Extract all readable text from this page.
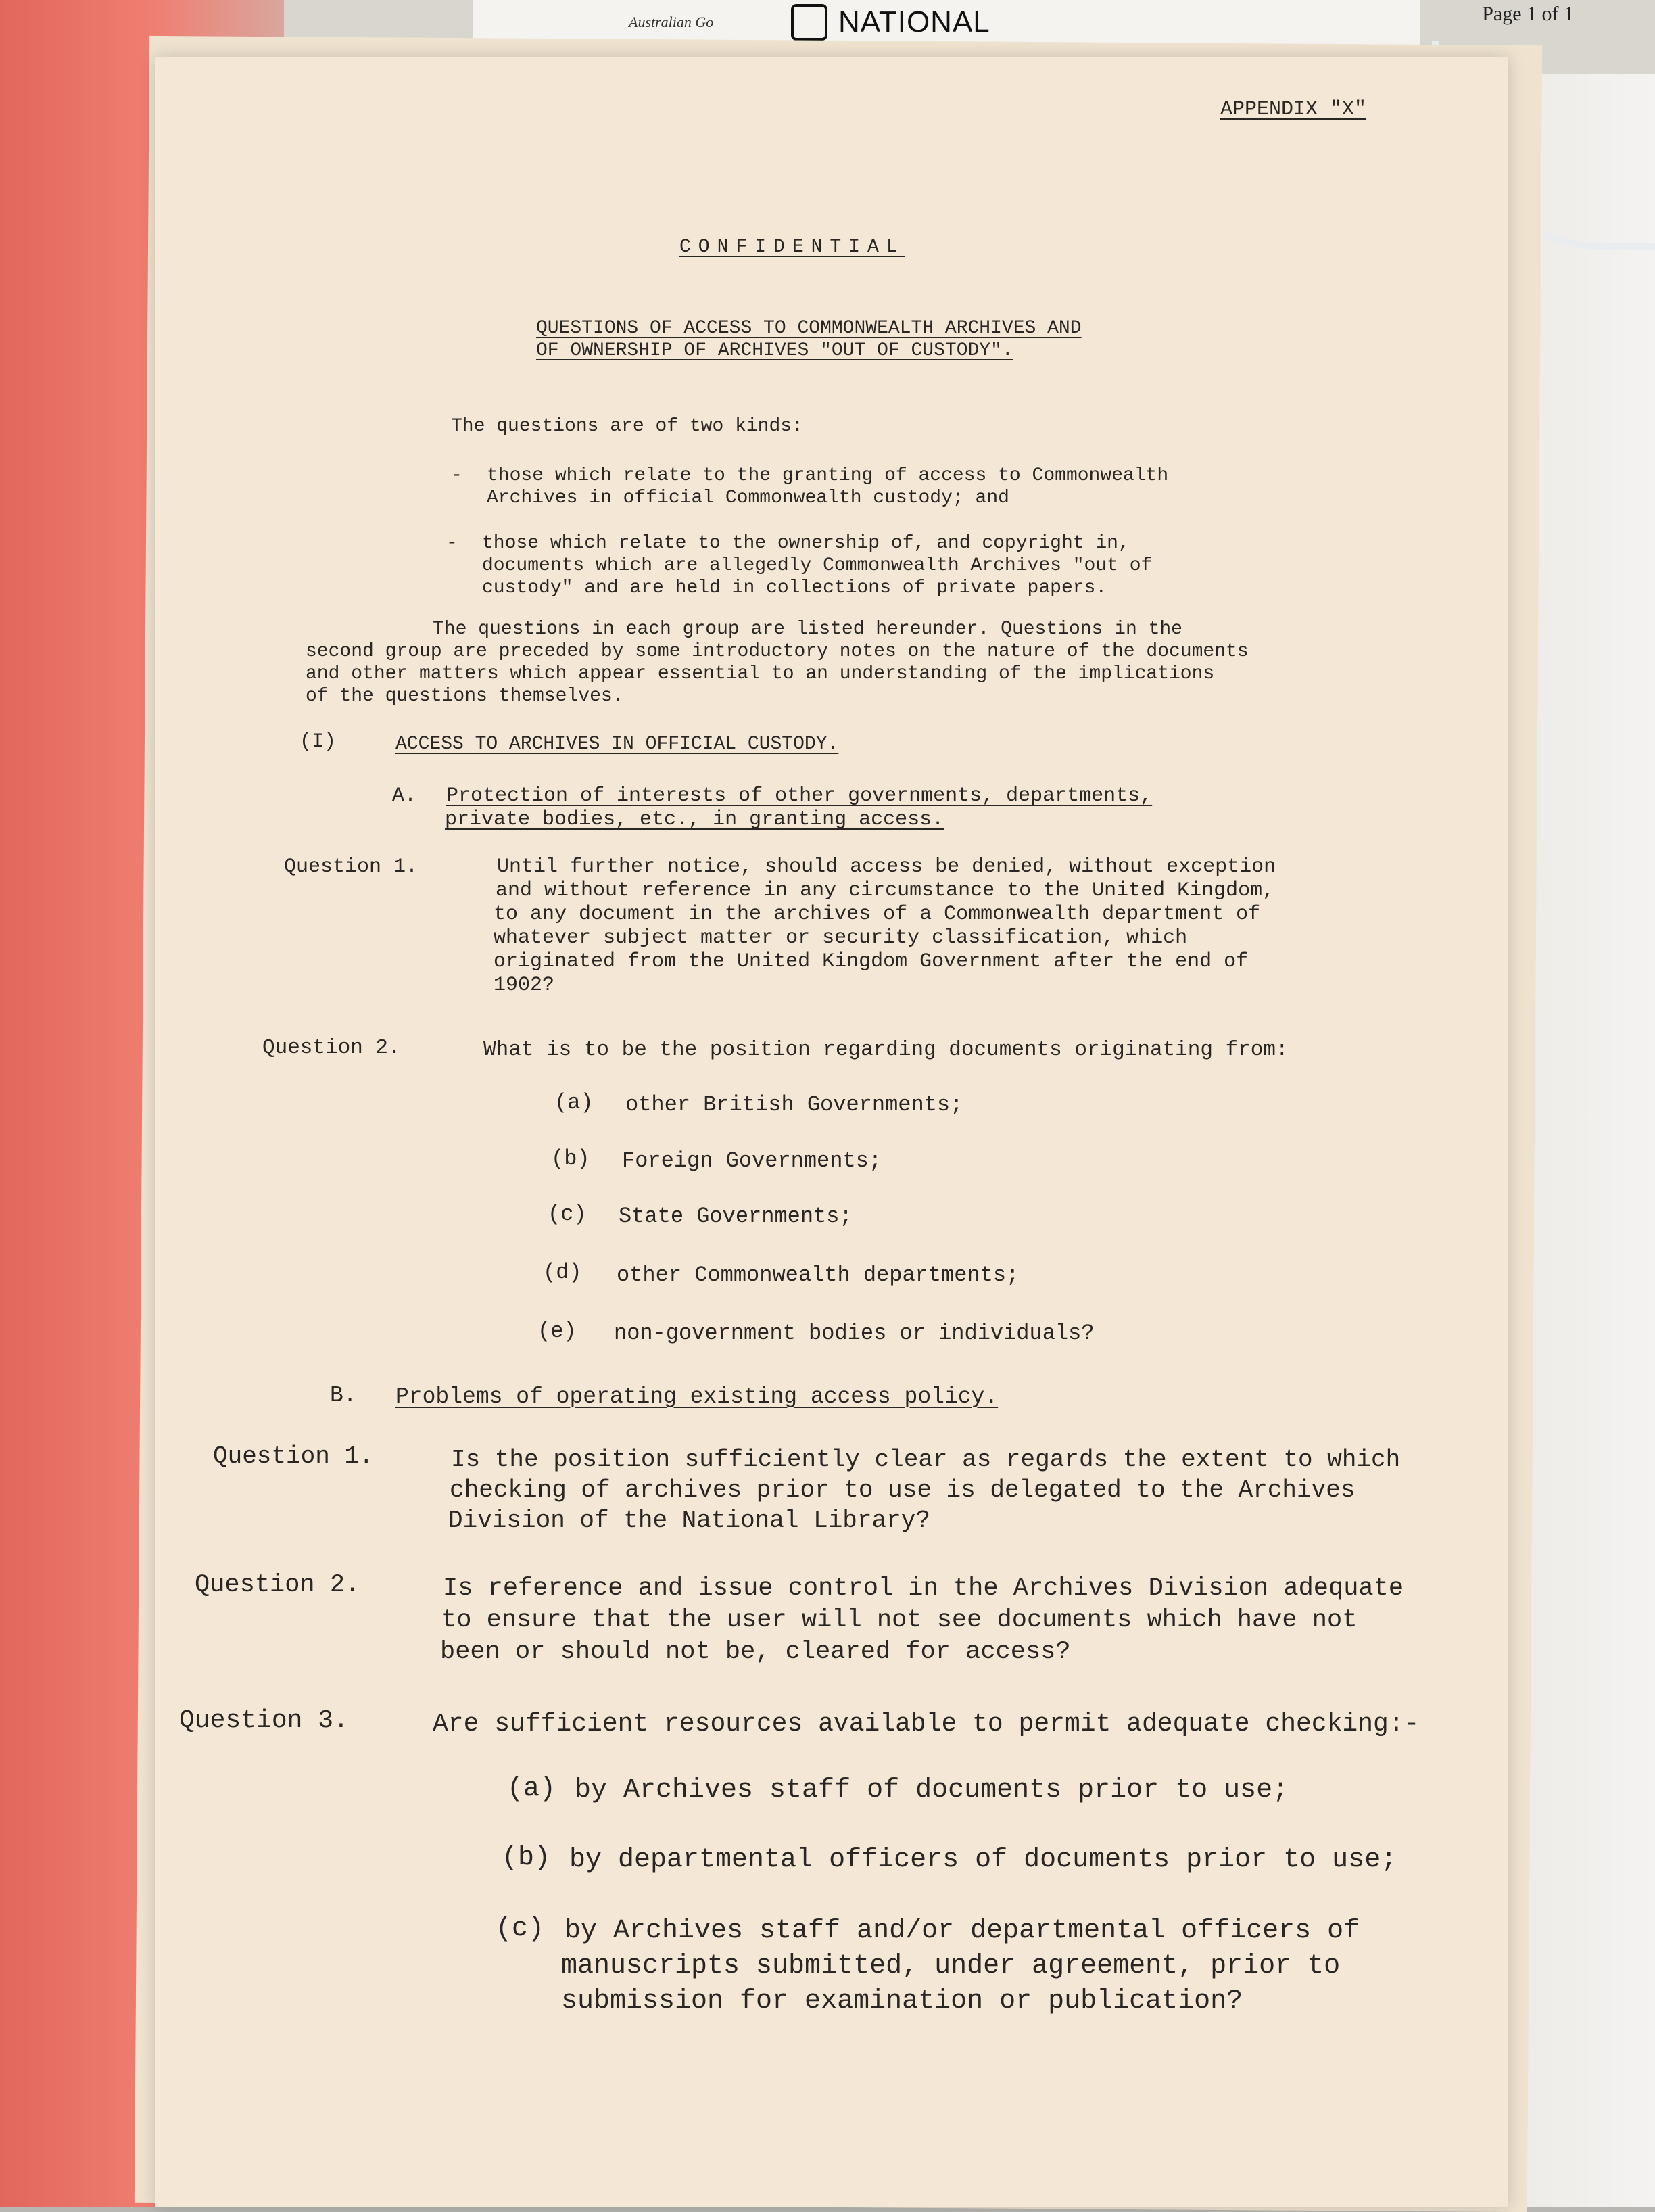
Australian Go	NATIONAL	Page 1 of 1

APPENDIX "X"

CONFIDENTIAL

QUESTIONS OF ACCESS TO COMMONWEALTH ARCHIVES AND

OF OWNERSHIP OF ARCHIVES "OUT OF CUSTODY".

The questions are of two kinds:

- those which relate to the granting of access to Commonwealth

Archives in official Commonwealth custody; and

- those which relate to the ownership of, and copyright in,

documents which are allegedly Commonwealth Archives "out of

custody" and are held in collections of private papers.

The questions in each group are listed hereunder. Questions in the

second group are preceded by some introductory notes on the nature of the documents

and other matters which appear essential to an understanding of the implications

of the questions themselves.

(I)	ACCESS TO ARCHIVES IN OFFICIAL CUSTODY.

A. Protection of interests of other governments, departments,

private bodies, etc., in granting access.

Question 1.	Until further notice, should access be denied, without exception

and without reference in any circumstance to the United Kingdom,

to any document in the archives of a Commonwealth department of

whatever subject matter or security classification, which

originated from the United Kingdom Government after the end of

1902?

Question 2.	What is to be the position regarding documents originating from:

(a) other British Governments;

(b) Foreign Governments;

(c) State Governments;

(d) other Commonwealth departments;

(e) non-government bodies or individuals?

B. Problems of operating existing access policy.

Question 1.	Is the position sufficiently clear as regards the extent to which

checking of archives prior to use is delegated to the Archives

Division of the National Library?

Question 2.	Is reference and issue control in the Archives Division adequate

to ensure that the user will not see documents which have not

been or should not be, cleared for access?

Question 3.	Are sufficient resources available to permit adequate checking:-

(a) by Archives staff of documents prior to use;

(b) by departmental officers of documents prior to use;

(c) by Archives staff and/or departmental officers of

manuscripts submitted, under agreement, prior to

submission for examination or publication?
